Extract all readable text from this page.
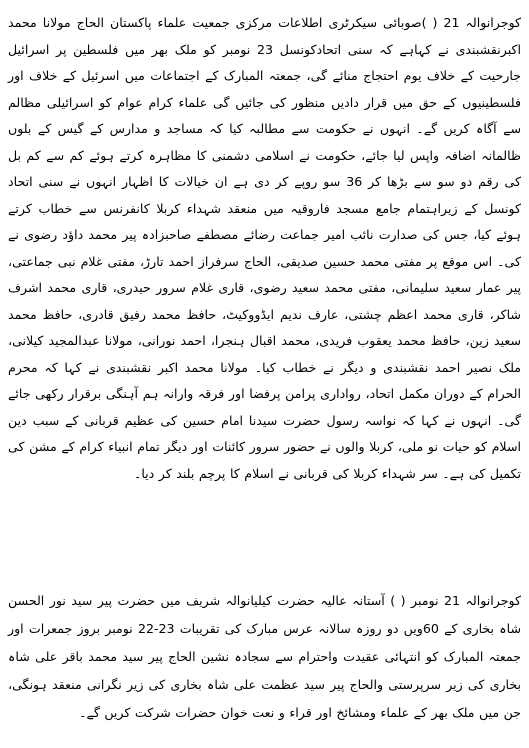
کوجرانوالہ 21 ( )صوبائی سیکرٹری اطلاعات مرکزی جمعیت علماء پاکستان الحاج مولانا محمد اکبرنقشبندی نے کہاہے کہ سنی اتحادکونسل 23 نومبر کو ملک بھر میں فلسطین پر اسرائیل جارحیت کے خلاف یوم احتجاج منائے گی، جمعتہ المبارک کے اجتماعات میں اسرئیل کے خلاف اور فلسطینیوں کے حق میں قرار دادیں منظور کی جائیں گی علماء کرام عوام کو اسرائیلی مظالم سے آگاہ کریں گے۔ انہوں نے حکومت سے مطالبہ کیا کہ مساجد و مدارس کے گیس کے بلوں ظالمانہ اضافہ واپس لیا جائے، حکومت نے اسلامی دشمنی کا مظاہرہ کرتے ہوئے کم سے کم بل کی رقم دو سو سے بڑھا کر 36 سو روپے کر دی ہے ان خیالات کا اظہار انہوں نے سنی اتحاد کونسل کے زیراہتمام جامع مسجد فاروقیہ میں منعقد شہداء کربلا کانفرنس سے خطاب کرتے ہوئے کیا، جس کی صدارت نائب امیر جماعت رضائے مصطفے صاحبزادہ پیر محمد داؤد رضوی نے کی۔ اس موقع پر مفتی محمد حسین صدیقی، الحاج سرفراز احمد تارڑ، مفتی غلام نبی جماعتی، پیر عمار سعید سلیمانی، مفتی محمد سعید رضوی، قاری غلام سرور حیدری، قاری محمد اشرف شاکر، قاری محمد اعظم چشتی، عارف ندیم ایڈووکیٹ، حافظ محمد رفیق قادری، حافظ محمد سعید زین، حافظ محمد یعقوب فریدی، محمد اقبال ہنجرا، احمد نورانی، مولانا عبدالمجید کیلانی، ملک نصیر احمد نقشبندی و دیگر نے خطاب کیا۔ مولانا محمد اکبر نقشبندی نے کہا کہ محرم الحرام کے دوران مکمل اتحاد، رواداری پرامن پرفضا اور فرقہ وارانہ ہم آہنگی برقرار رکھی جائے گی۔ انہوں نے کہا کہ نواسہ رسول حضرت سیدنا امام حسین کی عظیم قربانی کے سبب دین اسلام کو حیات نو ملی، کربلا والوں نے حضور سرور کائنات اور دیگر تمام انبیاء کرام کے مشن کی تکمیل کی ہے۔ سر شہداء کربلا کی قربانی نے اسلام کا پرچم بلند کر دیا۔

کوجرانوالہ 21 نومبر ( ) آستانہ عالیہ حضرت کیلیانوالہ شریف میں حضرت پیر سید نور الحسن شاہ بخاری کے 60ویں دو روزہ سالانہ عرس مبارک کی تقریبات 23-22 نومبر بروز جمعرات اور جمعتہ المبارک کو انتہائی عقیدت واحترام سے سجادہ نشین الحاج پیر سید محمد باقر علی شاہ بخاری کی زیر سرپرستی والحاج پیر سید عظمت علی شاہ بخاری کی زیر نگرانی منعقد ہونگی، جن میں ملک بھر کے علماء ومشائخ اور قراء و نعت خوان حضرات شرکت کریں گے۔
